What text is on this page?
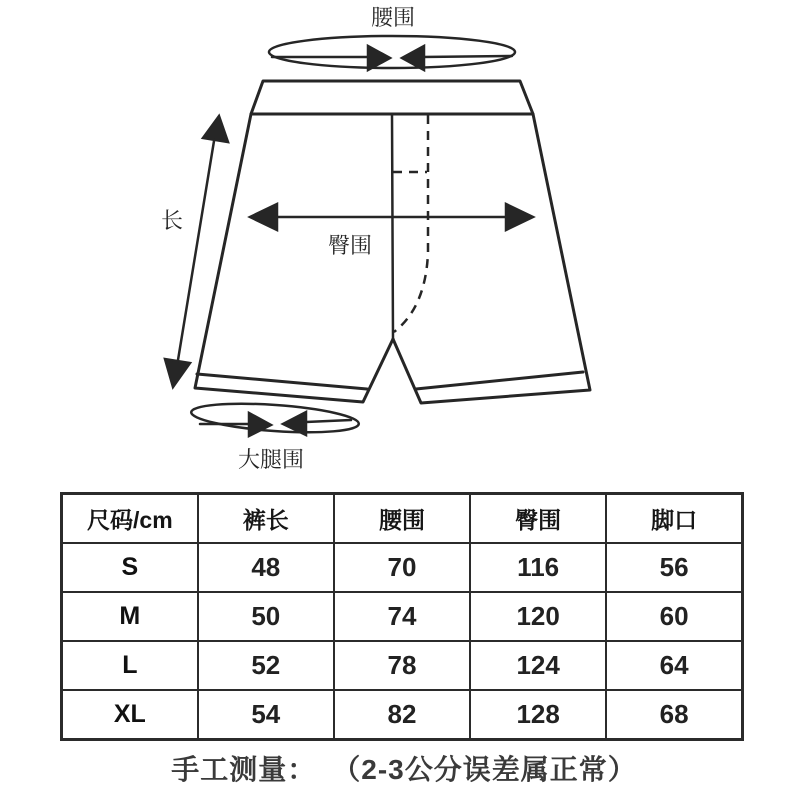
腰围
长
臀围
大腿围
尺码/cm	裤长	腰围	臀围	脚口
S	48	70	116	56
M	50	74	120	60
L	52	78	124	64
XL	54	82	128	68
手工测量： （2-3公分误差属正常）
